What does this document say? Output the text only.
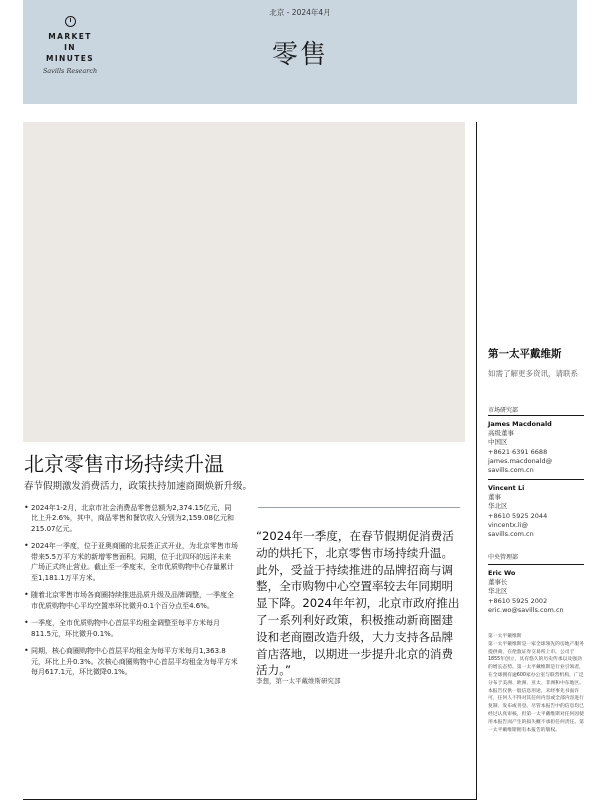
MARKET
IN
MINUTES
Savills Research
北京 - 2024年4月
零售
北京零售市场持续升温
春节假期激发消费活力，政策扶持加速商圈焕新升级。
• 2024年1-2月，北京市社会消费品零售总额为2,374.15亿元，同比上升2.6%，其中，商品零售和餐饮收入分别为2,159.08亿元和215.07亿元。
• 2024年一季度，位于亚奥商圈的北辰荟正式开业，为北京零售市场带来5.5万平方米的新增零售面积。同期，位于北四环的远洋未来广场正式终止营业。截止至一季度末，全市优质购物中心存量累计至1,181.1万平方米。
• 随着北京零售市场各商圈持续推进品质升级及品牌调整，一季度全市优质购物中心平均空置率环比微升0.1个百分点至4.6%。
• 一季度，全市优质购物中心首层平均租金调整至每平方米每月811.5元，环比微升0.1%。
• 同期，核心商圈购物中心首层平均租金为每平方米每月1,363.8元，环比上升0.3%。次核心商圈购物中心首层平均租金为每平方米每月617.1元，环比微降0.1%。
“2024年一季度，在春节假期促消费活动的烘托下，北京零售市场持续升温。此外，受益于持续推进的品牌招商与调整，全市购物中心空置率较去年同期明显下降。2024年年初，北京市政府推出了一系列利好政策，积极推动新商圈建设和老商圈改造升级，大力支持各品牌首店落地，以期进一步提升北京的消费活力。”
李想，第一太平戴维斯研究部
第一太平戴维斯
如需了解更多资讯，请联系
市场研究部
James Macdonald
高级董事
中国区
+8621 6391 6688
james.macdonald@
savills.com.cn
Vincent Li
董事
华北区
+8610 5925 2044
vincentx.li@
savills.com.cn
中央管理部
Eric Wo
董事长
华北区
+8610 5925 2002
eric.wo@savills.com.cn
第一太平戴维斯
第一太平戴维斯是一家全球领先的房地产服务提供商，在伦敦证券交易所上市。公司于1855年创立，具有悠久的历史传承以及强劲的增长态势。第一太平戴维斯是行业引领者，在全球拥有逾600家办公室与联营机构，广泛分布于美洲、欧洲、亚太、非洲和中东地区。本报告仅供一般信息用途，未经事先书面许可，任何人不得对其任何内容或全部内容进行复制、发布或刊登。尽管本报告中的信息均已经过认真审核，但第一太平戴维斯对任何因使用本报告而产生的损失概不承担任何责任。第一太平戴维斯拥有本报告的版权。
